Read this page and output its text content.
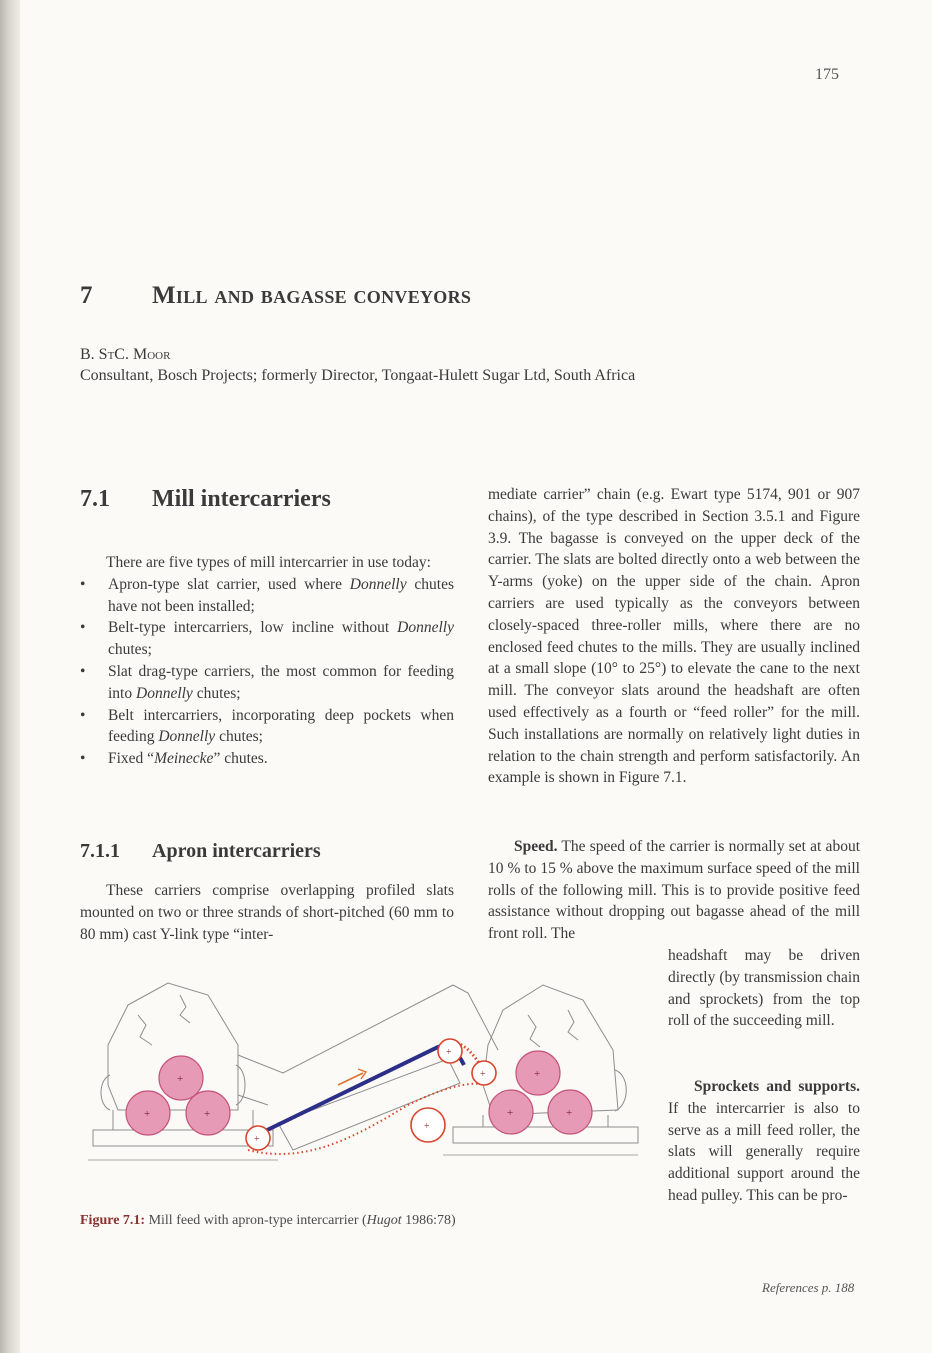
175
7 Mill and bagasse conveyors
B. StC. Moor
Consultant, Bosch Projects; formerly Director, Tongaat-Hulett Sugar Ltd, South Africa
7.1 Mill intercarriers
There are five types of mill intercarrier in use today:
• Apron-type slat carrier, used where Donnelly chutes have not been installed;
• Belt-type intercarriers, low incline without Donnelly chutes;
• Slat drag-type carriers, the most common for feeding into Donnelly chutes;
• Belt intercarriers, incorporating deep pockets when feeding Donnelly chutes;
• Fixed “Meinecke” chutes.
7.1.1 Apron intercarriers
These carriers comprise overlapping profiled slats mounted on two or three strands of short-pitched (60 mm to 80 mm) cast Y-link type “inter-
mediate carrier” chain (e.g. Ewart type 5174, 901 or 907 chains), of the type described in Section 3.5.1 and Figure 3.9. The bagasse is conveyed on the upper deck of the carrier. The slats are bolted directly onto a web between the Y-arms (yoke) on the upper side of the chain. Apron carriers are used typically as the conveyors between closely-spaced three-roller mills, where there are no enclosed feed chutes to the mills. They are usually inclined at a small slope (10° to 25°) to elevate the cane to the next mill. The conveyor slats around the headshaft are often used effectively as a fourth or “feed roller” for the mill. Such installations are normally on relatively light duties in relation to the chain strength and perform satisfactorily. An example is shown in Figure 7.1.
Speed. The speed of the carrier is normally set at about 10 % to 15 % above the maximum surface speed of the mill rolls of the following mill. This is to provide positive feed assistance without dropping out bagasse ahead of the mill front roll. The
headshaft may be driven directly (by transmission chain and sprockets) from the top roll of the succeeding mill.
Sprockets and supports. If the intercarrier is also to serve as a mill feed roller, the slats will generally require additional support around the head pulley. This can be pro-
+
+	+
+
+	+
+
+
+
+
Figure 7.1: Mill feed with apron-type intercarrier (Hugot 1986:78)
References p. 188
